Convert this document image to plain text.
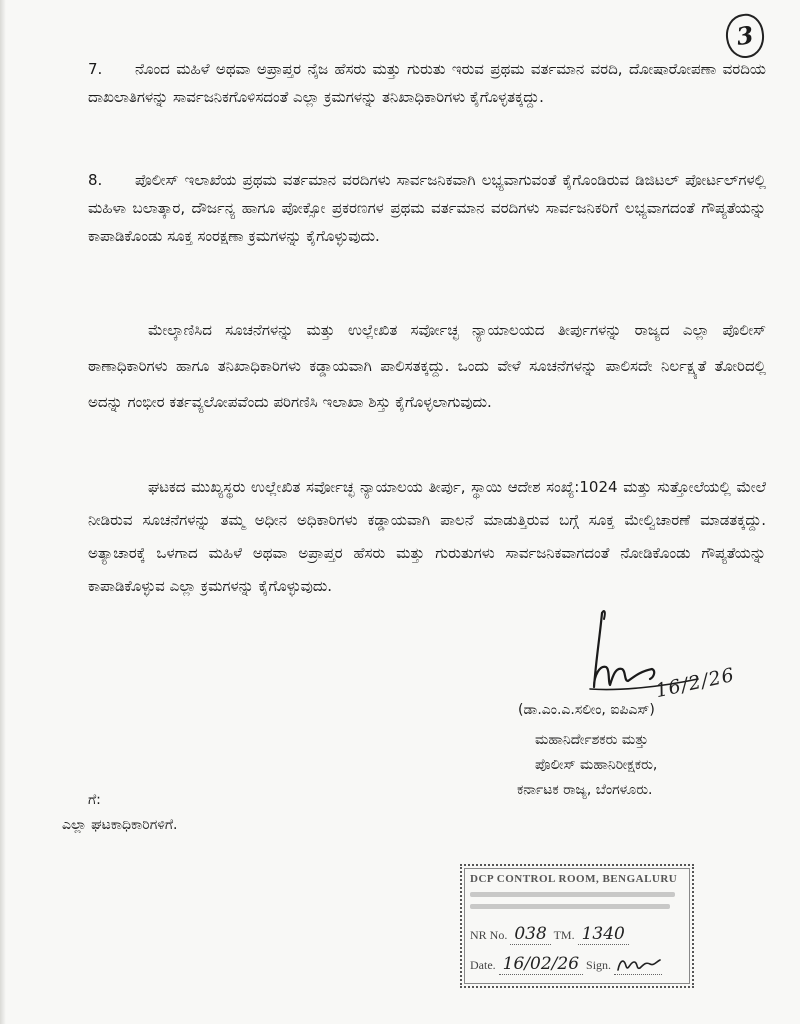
3

7. ನೊಂದ ಮಹಿಳೆ ಅಥವಾ ಅಪ್ರಾಪ್ತರ ನೈಜ ಹೆಸರು ಮತ್ತು ಗುರುತು ಇರುವ ಪ್ರಥಮ ವರ್ತಮಾನ ವರದಿ, ದೋಷಾರೋಪಣಾ ವರದಿಯ ದಾಖಲಾತಿಗಳನ್ನು ಸಾರ್ವಜನಿಕಗೊಳಿಸದಂತೆ ಎಲ್ಲಾ ಕ್ರಮಗಳನ್ನು ತನಿಖಾಧಿಕಾರಿಗಳು ಕೈಗೊಳ್ಳತಕ್ಕದ್ದು.

8. ಪೊಲೀಸ್ ಇಲಾಖೆಯ ಪ್ರಥಮ ವರ್ತಮಾನ ವರದಿಗಳು ಸಾರ್ವಜನಿಕವಾಗಿ ಲಭ್ಯವಾಗುವಂತೆ ಕೈಗೊಂಡಿರುವ ಡಿಜಿಟಲ್ ಪೋರ್ಟಲ್‌ಗಳಲ್ಲಿ ಮಹಿಳಾ ಬಲಾತ್ಕಾರ, ದೌರ್ಜನ್ಯ ಹಾಗೂ ಪೋಕ್ಸೋ ಪ್ರಕರಣಗಳ ಪ್ರಥಮ ವರ್ತಮಾನ ವರದಿಗಳು ಸಾರ್ವಜನಿಕರಿಗೆ ಲಭ್ಯವಾಗದಂತೆ ಗೌಪ್ಯತೆಯನ್ನು ಕಾಪಾಡಿಕೊಂಡು ಸೂಕ್ತ ಸಂರಕ್ಷಣಾ ಕ್ರಮಗಳನ್ನು ಕೈಗೊಳ್ಳುವುದು.

ಮೇಲ್ಕಾಣಿಸಿದ ಸೂಚನೆಗಳನ್ನು ಮತ್ತು ಉಲ್ಲೇಖಿತ ಸರ್ವೋಚ್ಛ ನ್ಯಾಯಾಲಯದ ತೀರ್ಪುಗಳನ್ನು ರಾಜ್ಯದ ಎಲ್ಲಾ ಪೊಲೀಸ್ ಠಾಣಾಧಿಕಾರಿಗಳು ಹಾಗೂ ತನಿಖಾಧಿಕಾರಿಗಳು ಕಡ್ಡಾಯವಾಗಿ ಪಾಲಿಸತಕ್ಕದ್ದು. ಒಂದು ವೇಳೆ ಸೂಚನೆಗಳನ್ನು ಪಾಲಿಸದೇ ನಿರ್ಲಕ್ಷ್ಯತೆ ತೋರಿದಲ್ಲಿ ಅದನ್ನು ಗಂಭೀರ ಕರ್ತವ್ಯಲೋಪವೆಂದು ಪರಿಗಣಿಸಿ ಇಲಾಖಾ ಶಿಸ್ತು ಕೈಗೊಳ್ಳಲಾಗುವುದು.

ಘಟಕದ ಮುಖ್ಯಸ್ಥರು ಉಲ್ಲೇಖಿತ ಸರ್ವೋಚ್ಛ ನ್ಯಾಯಾಲಯ ತೀರ್ಪು, ಸ್ಥಾಯಿ ಆದೇಶ ಸಂಖ್ಯೆ:1024 ಮತ್ತು ಸುತ್ತೋಲೆಯಲ್ಲಿ ಮೇಲೆ ನೀಡಿರುವ ಸೂಚನೆಗಳನ್ನು ತಮ್ಮ ಅಧೀನ ಅಧಿಕಾರಿಗಳು ಕಡ್ಡಾಯವಾಗಿ ಪಾಲನೆ ಮಾಡುತ್ತಿರುವ ಬಗ್ಗೆ ಸೂಕ್ತ ಮೇಲ್ವಿಚಾರಣೆ ಮಾಡತಕ್ಕದ್ದು. ಅತ್ಯಾಚಾರಕ್ಕೆ ಒಳಗಾದ ಮಹಿಳೆ ಅಥವಾ ಅಪ್ರಾಪ್ತರ ಹೆಸರು ಮತ್ತು ಗುರುತುಗಳು ಸಾರ್ವಜನಿಕವಾಗದಂತೆ ನೋಡಿಕೊಂಡು ಗೌಪ್ಯತೆಯನ್ನು ಕಾಪಾಡಿಕೊಳ್ಳುವ ಎಲ್ಲಾ ಕ್ರಮಗಳನ್ನು ಕೈಗೊಳ್ಳುವುದು.

16/2/26
(ಡಾ.ಎಂ.ಎ.ಸಲೀಂ, ಐಪಿಎಸ್)
ಮಹಾನಿರ್ದೇಶಕರು ಮತ್ತು
ಪೊಲೀಸ್ ಮಹಾನಿರೀಕ್ಷಕರು,
ಕರ್ನಾಟಕ ರಾಜ್ಯ, ಬೆಂಗಳೂರು.
ಗೆ:
ಎಲ್ಲಾ ಘಟಕಾಧಿಕಾರಿಗಳಿಗೆ.
DCP CONTROL ROOM, BENGALURU
NR No. 038 TM. 1340
Date. 16/02/26 Sign.
